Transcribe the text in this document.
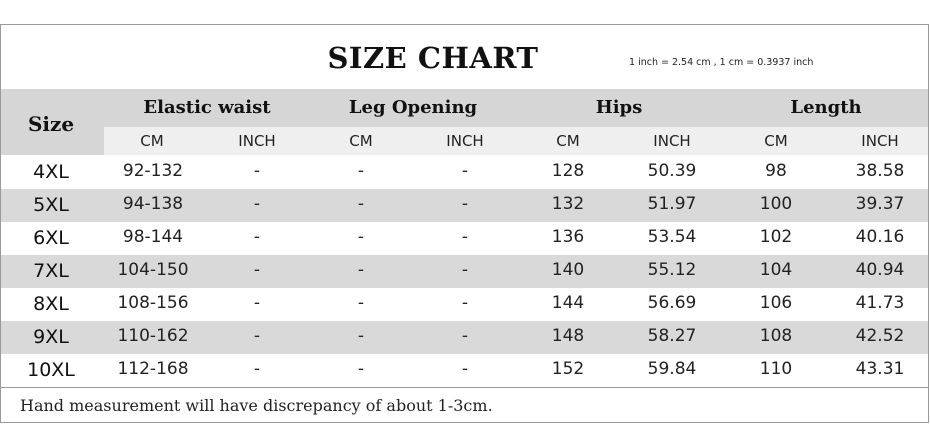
SIZE CHART	1 inch = 2.54 cm , 1 cm = 0.3937 inch
Size
Elastic waist	Leg Opening	Hips	Length
CM	INCH	CM	INCH	CM	INCH	CM	INCH
4XL	92-132	-	-	-	128	50.39	98	38.58
5XL	94-138	-	-	-	132	51.97	100	39.37
6XL	98-144	-	-	-	136	53.54	102	40.16
7XL	104-150	-	-	-	140	55.12	104	40.94
8XL	108-156	-	-	-	144	56.69	106	41.73
9XL	110-162	-	-	-	148	58.27	108	42.52
10XL	112-168	-	-	-	152	59.84	110	43.31
Hand measurement will have discrepancy of about 1-3cm.
